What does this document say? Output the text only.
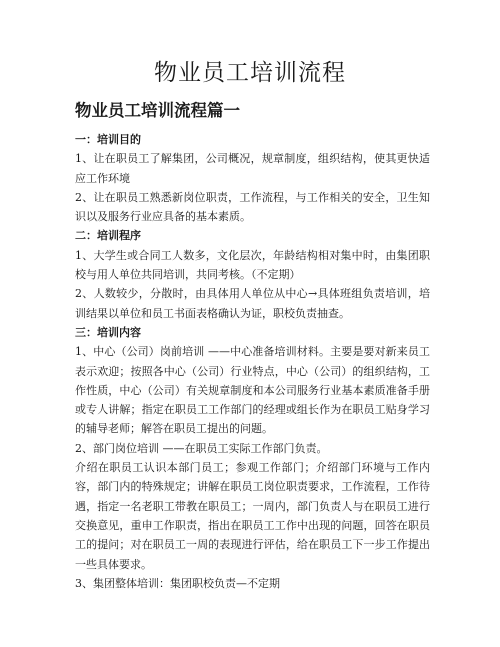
物业员工培训流程
物业员工培训流程篇一

一：培训目的

1、让在职员工了解集团，公司概况，规章制度，组织结构，使其更快适应工作环境

2、让在职员工熟悉新岗位职责，工作流程，与工作相关的安全，卫生知识以及服务行业应具备的基本素质。

二：培训程序

1、大学生或合同工人数多，文化层次，年龄结构相对集中时，由集团职校与用人单位共同培训，共同考核。（不定期）

2、人数较少，分散时，由具体用人单位从中心→具体班组负责培训，培训结果以单位和员工书面表格确认为证，职校负责抽查。

三：培训内容

1、中心（公司）岗前培训 ——中心准备培训材料。主要是要对新来员工表示欢迎；按照各中心（公司）行业特点，中心（公司）的组织结构，工作性质，中心（公司）有关规章制度和本公司服务行业基本素质准备手册或专人讲解；指定在职员工工作部门的经理或组长作为在职员工贴身学习的辅导老师；解答在职员工提出的问题。

2、部门岗位培训 ——在职员工实际工作部门负责。

介绍在职员工认识本部门员工；参观工作部门；介绍部门环境与工作内容，部门内的特殊规定；讲解在职员工岗位职责要求，工作流程，工作待遇，指定一名老职工带教在职员工；一周内，部门负责人与在职员工进行交换意见，重申工作职责，指出在职员工工作中出现的问题，回答在职员工的提问；对在职员工一周的表现进行评估，给在职员工下一步工作提出一些具体要求。

3、集团整体培训：集团职校负责—不定期
